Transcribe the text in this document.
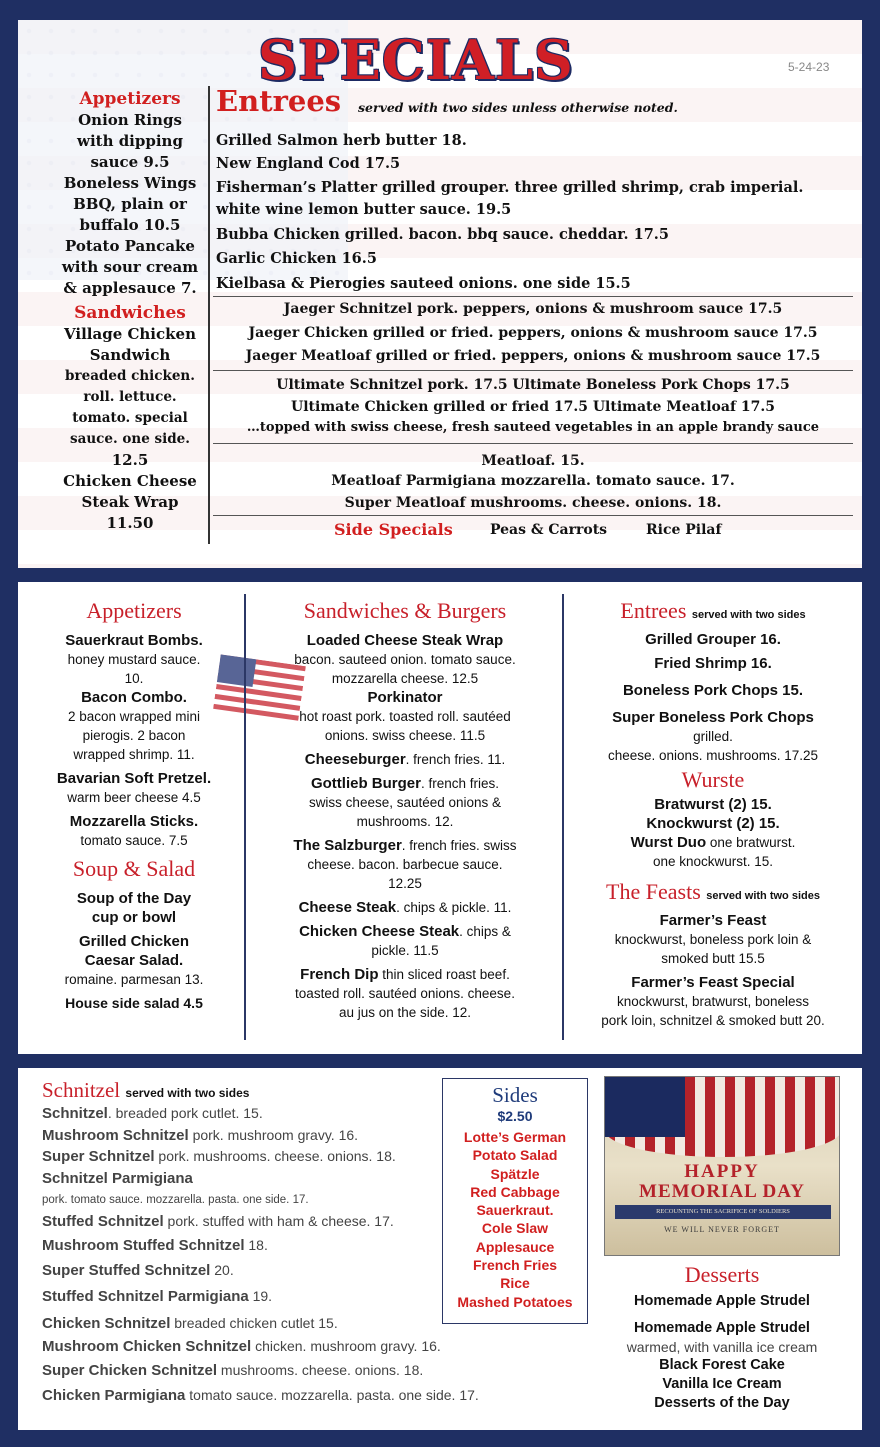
SPECIALS	5-24-23
Appetizers
Onion Rings
with dipping
sauce 9.5
Boneless Wings
BBQ, plain or
buffalo 10.5
Potato Pancake
with sour cream
& applesauce 7.
Sandwiches
Village Chicken
Sandwich
breaded chicken.
roll. lettuce.
tomato. special
sauce. one side.
12.5
Chicken Cheese
Steak Wrap
11.50
Entrees served with two sides unless otherwise noted.
Grilled Salmon herb butter 18.
New England Cod 17.5
Fisherman’s Platter grilled grouper. three grilled shrimp, crab imperial.
white wine lemon butter sauce. 19.5
Bubba Chicken grilled. bacon. bbq sauce. cheddar. 17.5
Garlic Chicken 16.5
Kielbasa & Pierogies sauteed onions. one side 15.5
Jaeger Schnitzel pork. peppers, onions & mushroom sauce 17.5
Jaeger Chicken grilled or fried. peppers, onions & mushroom sauce 17.5
Jaeger Meatloaf grilled or fried. peppers, onions & mushroom sauce 17.5
Ultimate Schnitzel pork. 17.5 Ultimate Boneless Pork Chops 17.5
Ultimate Chicken grilled or fried 17.5 Ultimate Meatloaf 17.5
…topped with swiss cheese, fresh sauteed vegetables in an apple brandy sauce
Meatloaf. 15.
Meatloaf Parmigiana mozzarella. tomato sauce. 17.
Super Meatloaf mushrooms. cheese. onions. 18.
Side Specials	Peas & Carrots	Rice Pilaf
Appetizers
Sauerkraut Bombs.
honey mustard sauce.
10.
Bacon Combo.
2 bacon wrapped mini
pierogis. 2 bacon
wrapped shrimp. 11.
Bavarian Soft Pretzel.
warm beer cheese 4.5
Mozzarella Sticks.
tomato sauce. 7.5
Soup & Salad
Soup of the Day
cup or bowl
Grilled Chicken
Caesar Salad.
romaine. parmesan 13.
House side salad 4.5
Sandwiches & Burgers
Loaded Cheese Steak Wrap
bacon. sauteed onion. tomato sauce.
mozzarella cheese. 12.5
Porkinator
hot roast pork. toasted roll. sautéed
onions. swiss cheese. 11.5
Cheeseburger. french fries. 11.
Gottlieb Burger. french fries.
swiss cheese, sautéed onions &
mushrooms. 12.
The Salzburger. french fries. swiss
cheese. bacon. barbecue sauce.
12.25
Cheese Steak. chips & pickle. 11.
Chicken Cheese Steak. chips &
pickle. 11.5
French Dip thin sliced roast beef.
toasted roll. sautéed onions. cheese.
au jus on the side. 12.
Entrees served with two sides
Grilled Grouper 16.
Fried Shrimp 16.
Boneless Pork Chops 15.
Super Boneless Pork Chops
grilled.
cheese. onions. mushrooms. 17.25
Wurste
Bratwurst (2) 15.
Knockwurst (2) 15.
Wurst Duo one bratwurst.
one knockwurst. 15.
The Feasts served with two sides
Farmer’s Feast
knockwurst, boneless pork loin &
smoked butt 15.5
Farmer’s Feast Special
knockwurst, bratwurst, boneless
pork loin, schnitzel & smoked butt 20.
Schnitzel served with two sides
Schnitzel. breaded pork cutlet. 15.
Mushroom Schnitzel pork. mushroom gravy. 16.
Super Schnitzel pork. mushrooms. cheese. onions. 18.
Schnitzel Parmigiana
pork. tomato sauce. mozzarella. pasta. one side. 17.
Stuffed Schnitzel pork. stuffed with ham & cheese. 17.
Mushroom Stuffed Schnitzel 18.
Super Stuffed Schnitzel 20.
Stuffed Schnitzel Parmigiana 19.
Chicken Schnitzel breaded chicken cutlet 15.
Mushroom Chicken Schnitzel chicken. mushroom gravy. 16.
Super Chicken Schnitzel mushrooms. cheese. onions. 18.
Chicken Parmigiana tomato sauce. mozzarella. pasta. one side. 17.
Sides
$2.50
Lotte’s German
Potato Salad
Spätzle
Red Cabbage
Sauerkraut.
Cole Slaw
Applesauce
French Fries
Rice
Mashed Potatoes
HAPPY
MEMORIAL DAY
RECOUNTING THE SACRIFICE OF SOLDIERS
WE WILL NEVER FORGET
Desserts
Homemade Apple Strudel
Homemade Apple Strudel
warmed, with vanilla ice cream
Black Forest Cake
Vanilla Ice Cream
Desserts of the Day
